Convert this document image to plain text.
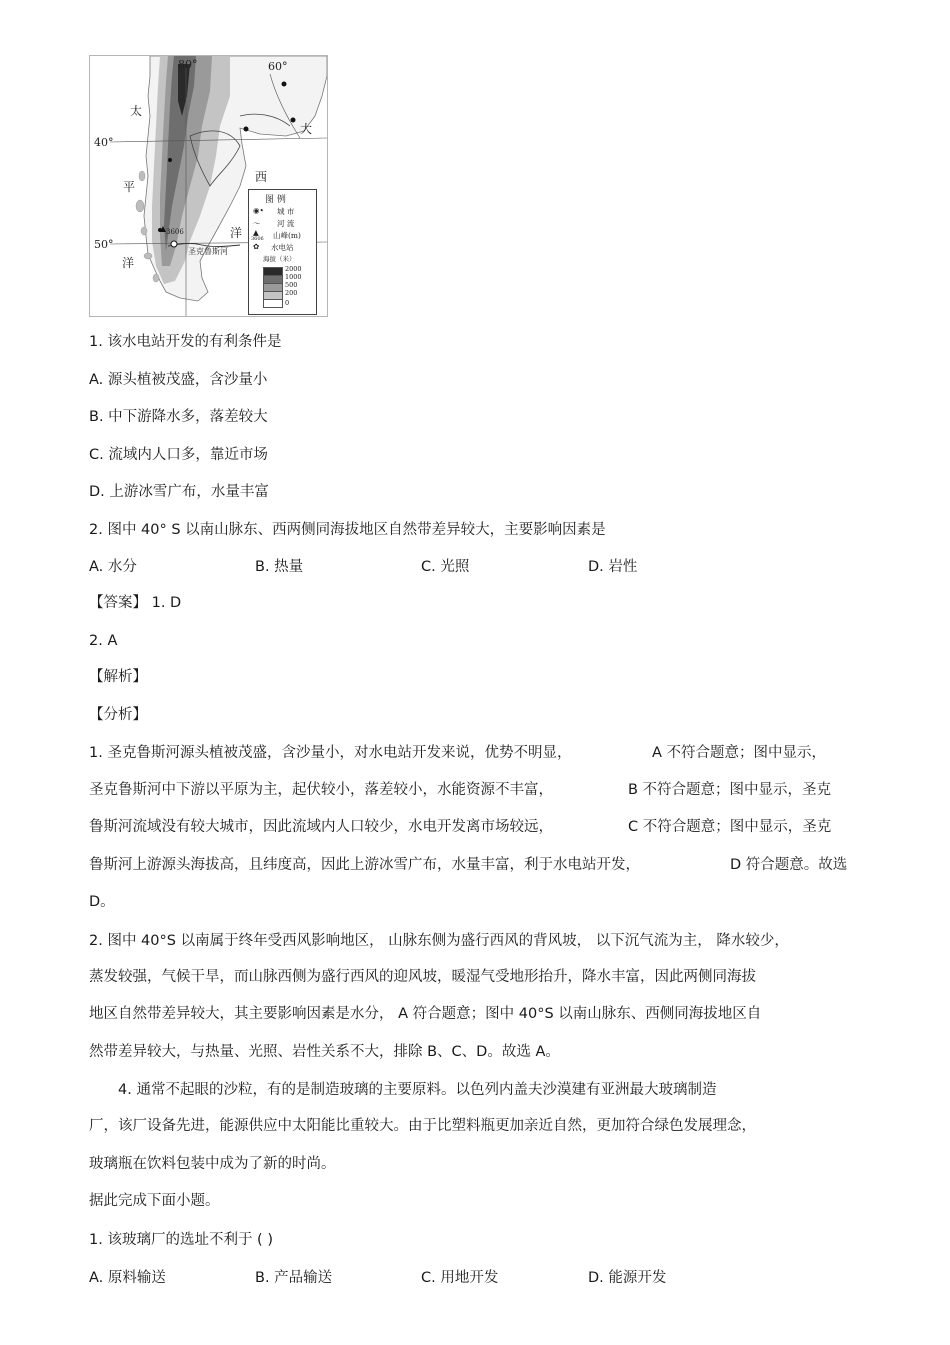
80°	60°
40°
50°
太
平
洋
大
西
洋
3606
圣克鲁斯河
图 例
◉• 城 市
〜 河 流
▲
3606 山峰(m)
✿ 水电站
海拔（米）
2000
1000
500
200
0
1. 该水电站开发的有利条件是
A. 源头植被茂盛，含沙量小
B. 中下游降水多，落差较大
C. 流域内人口多，靠近市场
D. 上游冰雪广布，水量丰富
2. 图中 40° S 以南山脉东、西两侧同海拔地区自然带差异较大，主要影响因素是
A. 水分	B. 热量	C. 光照	D. 岩性
【答案】 1. D
2. A
【解析】
【分析】
1. 圣克鲁斯河源头植被茂盛，含沙量小，对水电站开发来说，优势不明显，	A 不符合题意；图中显示，
圣克鲁斯河中下游以平原为主，起伏较小，落差较小，水能资源不丰富，	B 不符合题意；图中显示，圣克
鲁斯河流域没有较大城市，因此流域内人口较少，水电开发离市场较远，	C 不符合题意；图中显示，圣克
鲁斯河上游源头海拔高，且纬度高，因此上游冰雪广布，水量丰富，利于水电站开发，	D 符合题意。故选
D。
2. 图中 40°S 以南属于终年受西风影响地区， 山脉东侧为盛行西风的背风坡， 以下沉气流为主， 降水较少，
蒸发较强，气候干旱，而山脉西侧为盛行西风的迎风坡，暖湿气受地形抬升，降水丰富，因此两侧同海拔
地区自然带差异较大，其主要影响因素是水分， A 符合题意；图中 40°S 以南山脉东、西侧同海拔地区自
然带差异较大，与热量、光照、岩性关系不大，排除 B、C、D。故选 A。
4. 通常不起眼的沙粒，有的是制造玻璃的主要原料。以色列内盖夫沙漠建有亚洲最大玻璃制造
厂，该厂设备先进，能源供应中太阳能比重较大。由于比塑料瓶更加亲近自然，更加符合绿色发展理念，
玻璃瓶在饮料包装中成为了新的时尚。
据此完成下面小题。
1. 该玻璃厂的选址不利于 ( )
A. 原料输送	B. 产品输送	C. 用地开发	D. 能源开发
